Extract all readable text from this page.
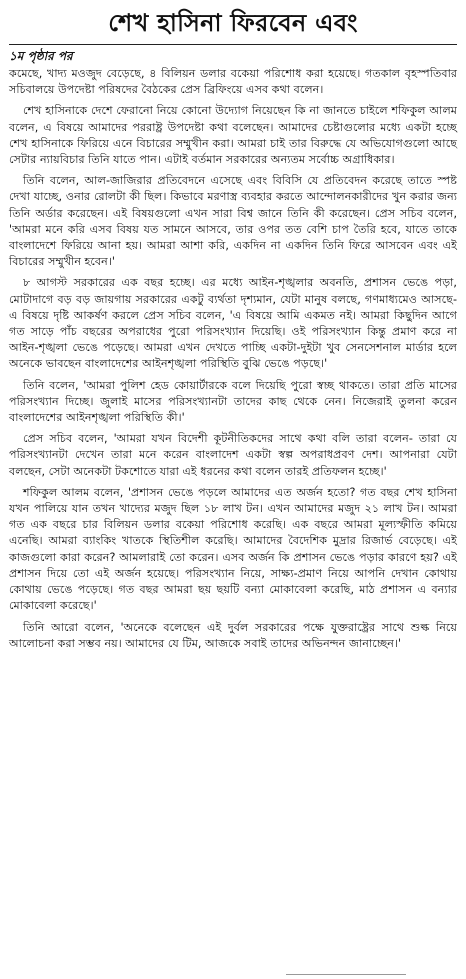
শেখ হাসিনা ফিরবেন এবং
১ম পৃষ্ঠার পর

কমেছে, খাদ্য মওজুদ বেড়েছে, ৪ বিলিয়ন ডলার বকেয়া পরিশোধ করা হয়েছে। গতকাল বৃহস্পতিবার সচিবালয়ে উপদেষ্টা পরিষদের বৈঠকের প্রেস ব্রিফিংয়ে এসব কথা বলেন।

শেখ হাসিনাকে দেশে ফেরানো নিয়ে কোনো উদ্যোগ নিয়েছেন কি না জানতে চাইলে শফিকুল আলম বলেন, এ বিষয়ে আমাদের পররাষ্ট্র উপদেষ্টা কথা বলেছেন। আমাদের চেষ্টাগুলোর মধ্যে একটা হচ্ছে শেখ হাসিনাকে ফিরিয়ে এনে বিচারের সম্মুখীন করা। আমরা চাই তার বিরুদ্ধে যে অভিযোগগুলো আছে সেটার ন্যায়বিচার তিনি যাতে পান। এটাই বর্তমান সরকারের অন্যতম সর্বোচ্চ অগ্রাধিকার।

তিনি বলেন, আল-জাজিরার প্রতিবেদনে এসেছে এবং বিবিসি যে প্রতিবেদন করেছে তাতে স্পষ্ট দেখা যাচ্ছে, ওনার রোলটা কী ছিল। কিভাবে মরণাস্ত্র ব্যবহার করতে আন্দোলনকারীদের খুন করার জন্য তিনি অর্ডার করেছেন। এই বিষয়গুলো এখন সারা বিশ্ব জানে তিনি কী করেছেন। প্রেস সচিব বলেন, 'আমরা মনে করি এসব বিষয় যত সামনে আসবে, তার ওপর তত বেশি চাপ তৈরি হবে, যাতে তাকে বাংলাদেশে ফিরিয়ে আনা হয়। আমরা আশা করি, একদিন না একদিন তিনি ফিরে আসবেন এবং এই বিচারের সম্মুখীন হবেন।'

৮ আগস্ট সরকারের এক বছর হচ্ছে। এর মধ্যে আইন-শৃঙ্খলার অবনতি, প্রশাসন ভেঙে পড়া, মোটাদাগে বড় বড় জায়গায় সরকারের একটু ব্যর্থতা দৃশ্যমান, যেটা মানুষ বলছে, গণমাধ্যমেও আসছে- এ বিষয়ে দৃষ্টি আকর্ষণ করলে প্রেস সচিব বলেন, 'এ বিষয়ে আমি একমত নই। আমরা কিছুদিন আগে গত সাড়ে পাঁচ বছরের অপরাধের পুরো পরিসংখ্যান দিয়েছি। ওই পরিসংখ্যান কিন্তু প্রমাণ করে না আইন-শৃঙ্খলা ভেঙে পড়েছে। আমরা এখন দেখতে পাচ্ছি একটা-দুইটা খুব সেনসেশনাল মার্ডার হলে অনেকে ভাবছেন বাংলাদেশের আইনশৃঙ্খলা পরিস্থিতি বুঝি ভেঙে পড়ছে।'

তিনি বলেন, 'আমরা পুলিশ হেড কোয়ার্টারকে বলে দিয়েছি পুরো স্বচ্ছ থাকতে। তারা প্রতি মাসের পরিসংখ্যান দিচ্ছে। জুলাই মাসের পরিসংখ্যানটা তাদের কাছ থেকে নেন। নিজেরাই তুলনা করেন বাংলাদেশের আইনশৃঙ্খলা পরিস্থিতি কী।'

প্রেস সচিব বলেন, 'আমরা যখন বিদেশী কূটনীতিকদের সাথে কথা বলি তারা বলেন- তারা যে পরিসংখ্যানটা দেখেন তারা মনে করেন বাংলাদেশ একটা স্বল্প অপরাধপ্রবণ দেশ। আপনারা যেটা বলছেন, সেটা অনেকটা টকশোতে যারা এই ধরনের কথা বলেন তারই প্রতিফলন হচ্ছে।'

শফিকুল আলম বলেন, 'প্রশাসন ভেঙে পড়লে আমাদের এত অর্জন হতো? গত বছর শেখ হাসিনা যখন পালিয়ে যান তখন খাদ্যের মজুদ ছিল ১৮ লাখ টন। এখন আমাদের মজুদ ২১ লাখ টন। আমরা গত এক বছরে চার বিলিয়ন ডলার বকেয়া পরিশোধ করেছি। এক বছরে আমরা মূল্যস্ফীতি কমিয়ে এনেছি। আমরা ব্যাংকিং খাতকে স্থিতিশীল করেছি। আমাদের বৈদেশিক মুদ্রার রিজার্ভ বেড়েছে। এই কাজগুলো কারা করেন? আমলারাই তো করেন। এসব অর্জন কি প্রশাসন ভেঙে পড়ার কারণে হয়? এই প্রশাসন দিয়ে তো এই অর্জন হয়েছে। পরিসংখ্যান নিয়ে, সাক্ষ্য-প্রমাণ নিয়ে আপনি দেখান কোথায় কোথায় ভেঙে পড়েছে। গত বছর আমরা ছয় ছয়টি বন্যা মোকাবেলা করেছি, মাঠ প্রশাসন এ বন্যার মোকাবেলা করেছে।'

তিনি আরো বলেন, 'অনেকে বলেছেন এই দুর্বল সরকারের পক্ষে যুক্তরাষ্ট্রের সাথে শুল্ক নিয়ে আলোচনা করা সম্ভব নয়। আমাদের যে টিম, আজকে সবাই তাদের অভিনন্দন জানাচ্ছেন।'
